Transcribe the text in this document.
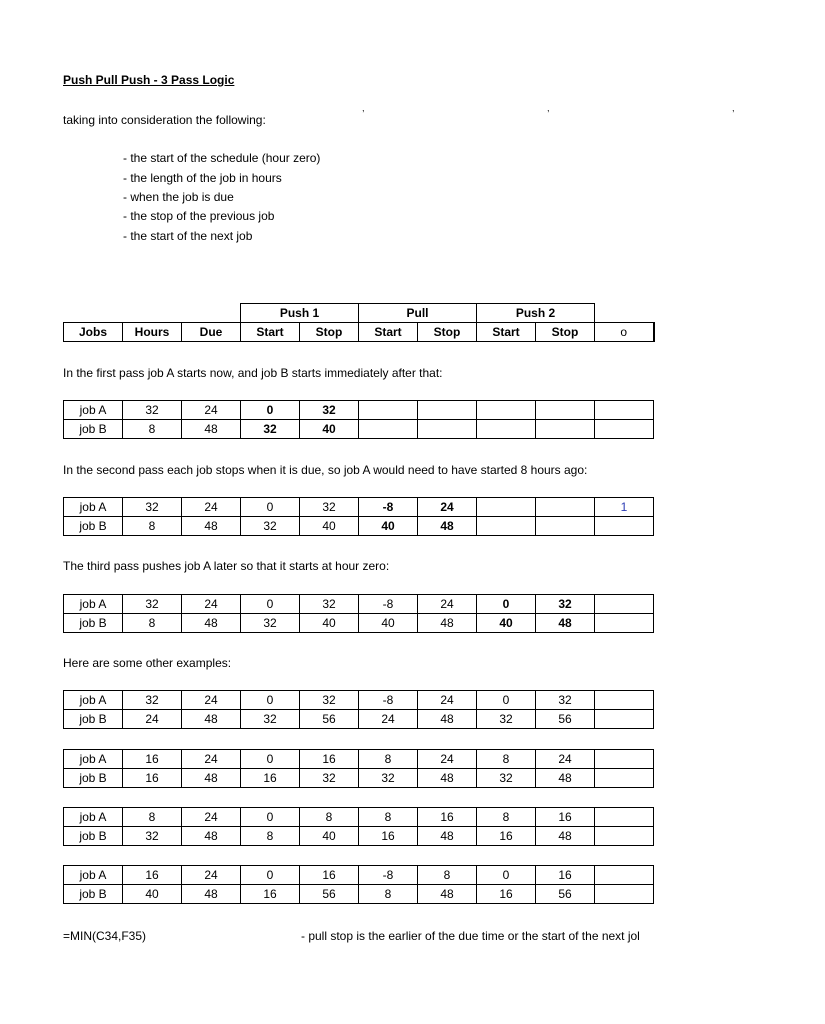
Push Pull Push - 3 Pass Logic
, , ,
taking into consideration the following:
- the start of the schedule (hour zero)
- the length of the job in hours
- when the job is due
- the stop of the previous job
- the start of the next job
			Push 1		Pull		Push 2		
Jobs	Hours	Due	Start	Stop	Start	Stop	Start	Stop	o
In the first pass job A starts now, and job B starts immediately after that:
job A	32	24	0	32					
job B	8	48	32	40					
In the second pass each job stops when it is due, so job A would need to have started 8 hours ago:
job A	32	24	0	32	-8	24			1
job B	8	48	32	40	40	48			
The third pass pushes job A later so that it starts at hour zero:
job A	32	24	0	32	-8	24	0	32	
job B	8	48	32	40	40	48	40	48	
Here are some other examples:
job A	32	24	0	32	-8	24	0	32	
job B	24	48	32	56	24	48	32	56	
job A	16	24	0	16	8	24	8	24	
job B	16	48	16	32	32	48	32	48	
job A	8	24	0	8	8	16	8	16	
job B	32	48	8	40	16	48	16	48	
job A	16	24	0	16	-8	8	0	16	
job B	40	48	16	56	8	48	16	56	
=MIN(C34,F35)	- pull stop is the earlier of the due time or the start of the next jol
